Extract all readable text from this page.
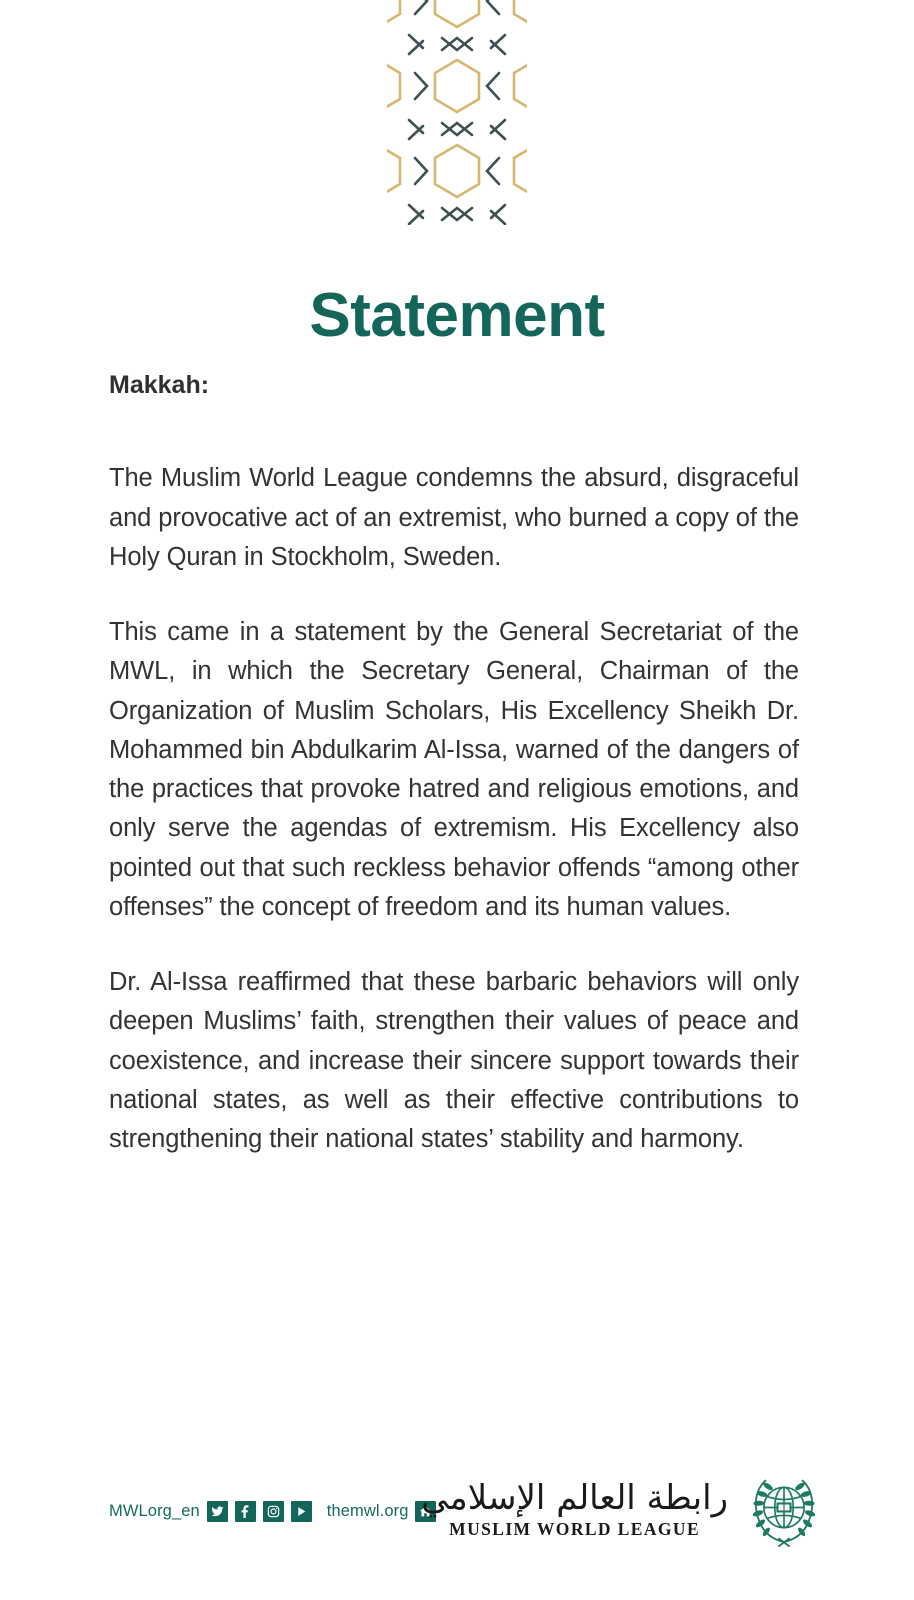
Statement

Makkah:

The Muslim World League condemns the absurd, disgraceful and provocative act of an extremist, who burned a copy of the Holy Quran in Stockholm, Sweden.

This came in a statement by the General Secretariat of the MWL, in which the Secretary General, Chairman of the Organization of Muslim Scholars, His Excellency Sheikh Dr. Mohammed bin Abdulkarim Al-Issa, warned of the dangers of the practices that provoke hatred and religious emotions, and only serve the agendas of extremism. His Excellency also pointed out that such reckless behavior offends “among other offenses” the concept of freedom and its human values.

Dr. Al-Issa reaffirmed that these barbaric behaviors will only deepen Muslims’ faith, strengthen their values of peace and coexistence, and increase their sincere support towards their national states, as well as their effective contributions to strengthening their national states’ stability and harmony.

MWLorg_en	themwl.org رابطة العالم الإسلامي
MUSLIM WORLD LEAGUE
